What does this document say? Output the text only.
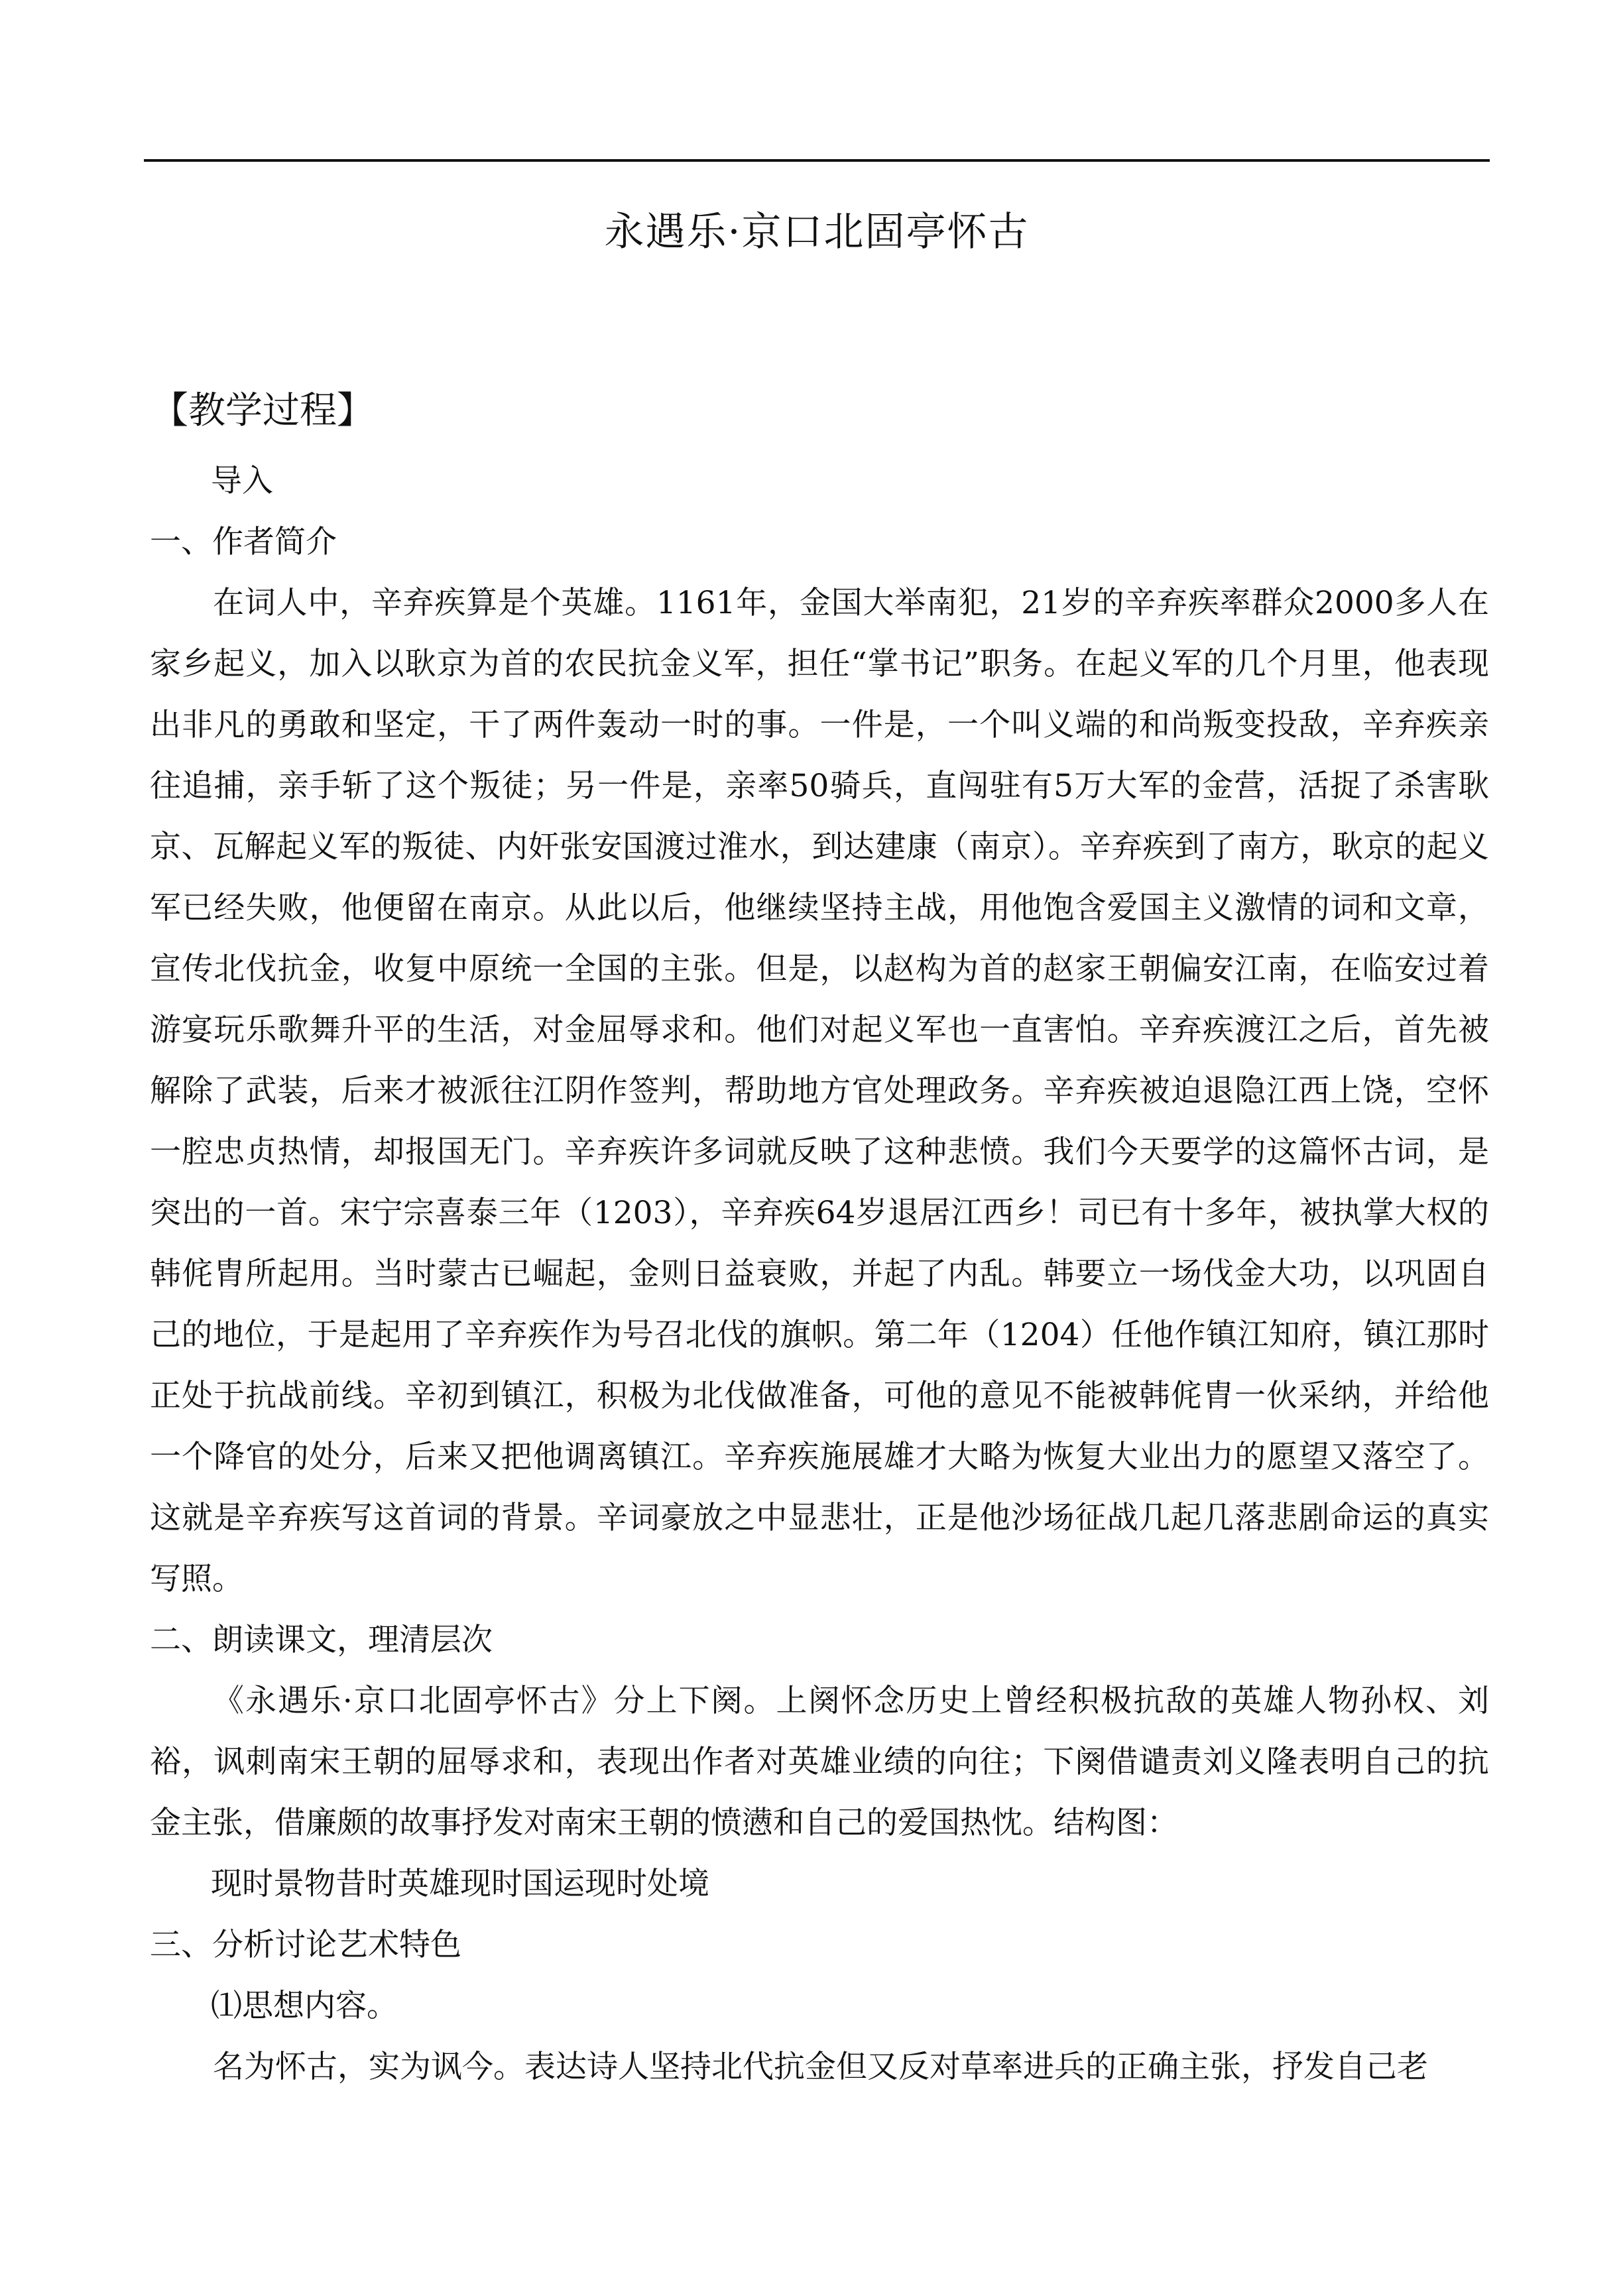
永遇乐·京口北固亭怀古
【教学过程】

导入

一、作者简介

在词人中，辛弃疾算是个英雄。1161年，金国大举南犯，21岁的辛弃疾率群众2000多人在家乡起义，加入以耿京为首的农民抗金义军，担任“掌书记”职务。在起义军的几个月里，他表现出非凡的勇敢和坚定，干了两件轰动一时的事。一件是，一个叫义端的和尚叛变投敌，辛弃疾亲往追捕，亲手斩了这个叛徒；另一件是，亲率50骑兵，直闯驻有5万大军的金营，活捉了杀害耿京、瓦解起义军的叛徒、内奸张安国渡过淮水，到达建康（南京）。辛弃疾到了南方，耿京的起义军已经失败，他便留在南京。从此以后，他继续坚持主战，用他饱含爱国主义激情的词和文章，宣传北伐抗金，收复中原统一全国的主张。但是，以赵构为首的赵家王朝偏安江南，在临安过着游宴玩乐歌舞升平的生活，对金屈辱求和。他们对起义军也一直害怕。辛弃疾渡江之后，首先被解除了武装，后来才被派往江阴作签判，帮助地方官处理政务。辛弃疾被迫退隐江西上饶，空怀一腔忠贞热情，却报国无门。辛弃疾许多词就反映了这种悲愤。我们今天要学的这篇怀古词，是突出的一首。宋宁宗喜泰三年（1203），辛弃疾64岁退居江西乡！司已有十多年，被执掌大权的韩侂胄所起用。当时蒙古已崛起，金则日益衰败，并起了内乱。韩要立一场伐金大功，以巩固自己的地位，于是起用了辛弃疾作为号召北伐的旗帜。第二年（1204）任他作镇江知府，镇江那时正处于抗战前线。辛初到镇江，积极为北伐做准备，可他的意见不能被韩侂胄一伙采纳，并给他一个降官的处分，后来又把他调离镇江。辛弃疾施展雄才大略为恢复大业出力的愿望又落空了。这就是辛弃疾写这首词的背景。辛词豪放之中显悲壮，正是他沙场征战几起几落悲剧命运的真实写照。

二、朗读课文，理清层次

《永遇乐·京口北固亭怀古》分上下阕。上阕怀念历史上曾经积极抗敌的英雄人物孙权、刘裕，讽刺南宋王朝的屈辱求和，表现出作者对英雄业绩的向往；下阕借谴责刘义隆表明自己的抗金主张，借廉颇的故事抒发对南宋王朝的愤懑和自己的爱国热忱。结构图：

现时景物昔时英雄现时国运现时处境

三、分析讨论艺术特色

⑴思想内容。

名为怀古，实为讽今。表达诗人坚持北代抗金但又反对草率进兵的正确主张，抒发自己老
